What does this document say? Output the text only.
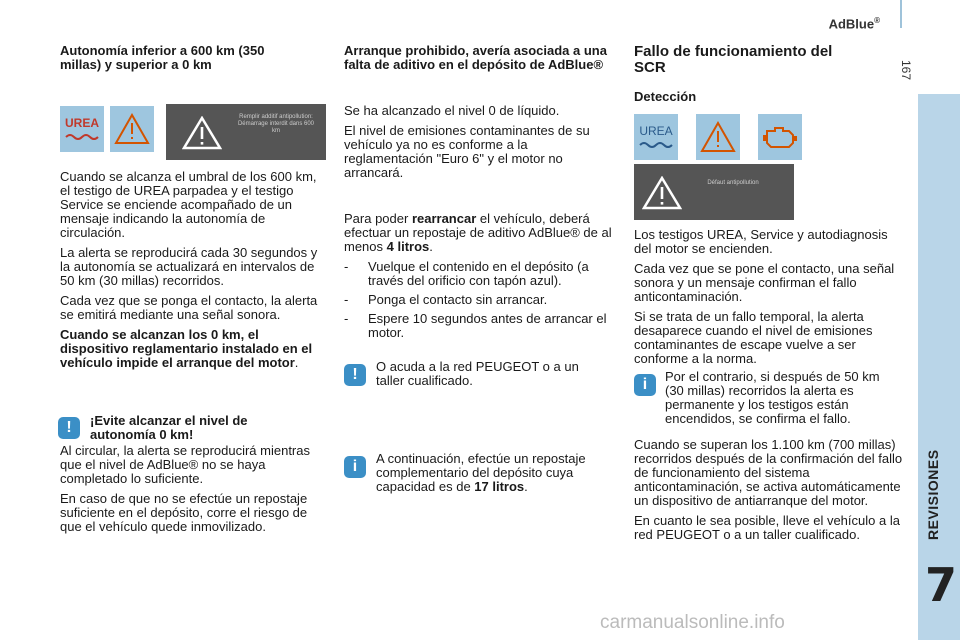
AdBlue®
167
REVISIONES
7
Autonomía inferior a 600 km (350 millas) y superior a 0 km
UREA	Remplir additif antipollution: Démarrage interdit dans 600 km

Cuando se alcanza el umbral de los 600 km, el testigo de UREA parpadea y el testigo Service se enciende acompañado de un mensaje indicando la autonomía de circulación.

La alerta se reproducirá cada 30 segundos y la autonomía se actualizará en intervalos de 50 km (30 millas) recorridos.

Cada vez que se ponga el contacto, la alerta se emitirá mediante una señal sonora.

Cuando se alcanzan los 0 km, el dispositivo reglamentario instalado en el vehículo impide el arranque del motor.

!	¡Evite alcanzar el nivel de autonomía 0 km!

Al circular, la alerta se reproducirá mientras que el nivel de AdBlue® no se haya completado lo suficiente.

En caso de que no se efectúe un repostaje suficiente en el depósito, corre el riesgo de que el vehículo quede inmovilizado.

Arranque prohibido, avería asociada a una falta de aditivo en el depósito de AdBlue®

Se ha alcanzado el nivel 0 de líquido.

El nivel de emisiones contaminantes de su vehículo ya no es conforme a la reglamentación "Euro 6" y el motor no arrancará.

Para poder rearrancar el vehículo, deberá efectuar un repostaje de aditivo AdBlue® de al menos 4 litros.

-	Vuelque el contenido en el depósito (a través del orificio con tapón azul).
-	Ponga el contacto sin arrancar.
-	Espere 10 segundos antes de arrancar el motor.
!	O acuda a la red PEUGEOT o a un taller cualificado.
i	A continuación, efectúe un repostaje complementario del depósito cuya capacidad es de 17 litros.
Fallo de funcionamiento del SCR
Detección
UREA
Défaut antipollution

Los testigos UREA, Service y autodiagnosis del motor se encienden.

Cada vez que se pone el contacto, una señal sonora y un mensaje confirman el fallo anticontaminación.

Si se trata de un fallo temporal, la alerta desaparece cuando el nivel de emisiones contaminantes de escape vuelve a ser conforme a la norma.

i	Por el contrario, si después de 50 km (30 millas) recorridos la alerta es permanente y los testigos están encendidos, se confirma el fallo.

Cuando se superan los 1.100 km (700 millas) recorridos después de la confirmación del fallo de funcionamiento del sistema anticontaminación, se activa automáticamente un dispositivo de antiarranque del motor.

En cuanto le sea posible, lleve el vehículo a la red PEUGEOT o a un taller cualificado.

carmanualsonline.info
